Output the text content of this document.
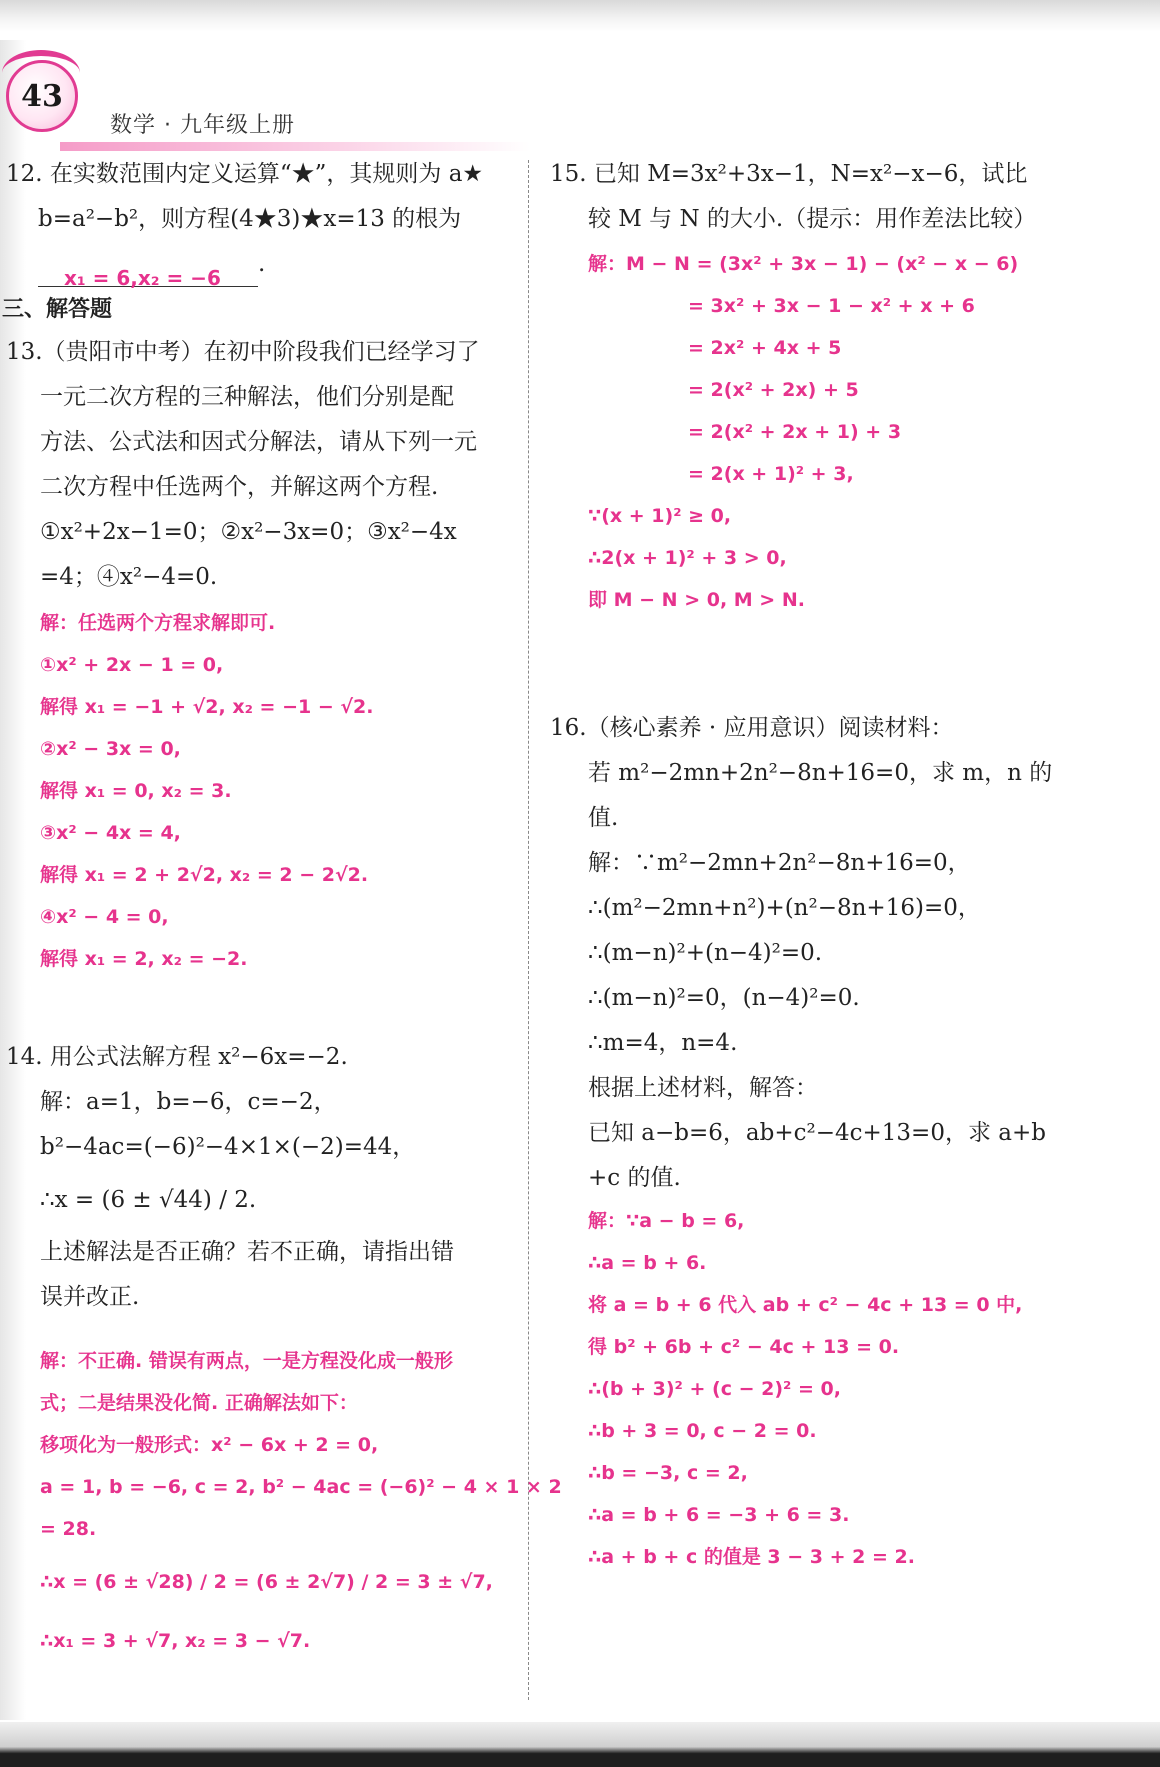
43
数学 · 九年级上册
12. 在实数范围内定义运算“★”，其规则为 a★
b=a²−b²，则方程(4★3)★x=13 的根为
x₁ = 6,x₂ = −6.
三、解答题
13.（贵阳市中考）在初中阶段我们已经学习了
一元二次方程的三种解法，他们分别是配
方法、公式法和因式分解法，请从下列一元
二次方程中任选两个，并解这两个方程.
①x²+2x−1=0；②x²−3x=0；③x²−4x
=4；④x²−4=0.
解：任选两个方程求解即可.
①x² + 2x − 1 = 0,
解得 x₁ = −1 + √2, x₂ = −1 − √2.
②x² − 3x = 0,
解得 x₁ = 0, x₂ = 3.
③x² − 4x = 4,
解得 x₁ = 2 + 2√2, x₂ = 2 − 2√2.
④x² − 4 = 0,
解得 x₁ = 2, x₂ = −2.
14. 用公式法解方程 x²−6x=−2.
解：a=1，b=−6，c=−2，
b²−4ac=(−6)²−4×1×(−2)=44，
∴x = (6 ± √44) / 2.
上述解法是否正确？若不正确，请指出错
误并改正.
解：不正确. 错误有两点，一是方程没化成一般形
式；二是结果没化简. 正确解法如下：
移项化为一般形式：x² − 6x + 2 = 0,
a = 1, b = −6, c = 2, b² − 4ac = (−6)² − 4 × 1 × 2
= 28.
∴x = (6 ± √28) / 2 = (6 ± 2√7) / 2 = 3 ± √7,
∴x₁ = 3 + √7, x₂ = 3 − √7.
15. 已知 M=3x²+3x−1，N=x²−x−6，试比
较 M 与 N 的大小.（提示：用作差法比较）
解：M − N = (3x² + 3x − 1) − (x² − x − 6)
= 3x² + 3x − 1 − x² + x + 6
= 2x² + 4x + 5
= 2(x² + 2x) + 5
= 2(x² + 2x + 1) + 3
= 2(x + 1)² + 3,
∵(x + 1)² ≥ 0,
∴2(x + 1)² + 3 > 0,
即 M − N > 0, M > N.
16.（核心素养 · 应用意识）阅读材料：
若 m²−2mn+2n²−8n+16=0，求 m，n 的
值.
解：∵m²−2mn+2n²−8n+16=0，
∴(m²−2mn+n²)+(n²−8n+16)=0，
∴(m−n)²+(n−4)²=0.
∴(m−n)²=0，(n−4)²=0.
∴m=4，n=4.
根据上述材料，解答：
已知 a−b=6，ab+c²−4c+13=0，求 a+b
+c 的值.
解：∵a − b = 6,
∴a = b + 6.
将 a = b + 6 代入 ab + c² − 4c + 13 = 0 中,
得 b² + 6b + c² − 4c + 13 = 0.
∴(b + 3)² + (c − 2)² = 0,
∴b + 3 = 0, c − 2 = 0.
∴b = −3, c = 2,
∴a = b + 6 = −3 + 6 = 3.
∴a + b + c 的值是 3 − 3 + 2 = 2.
